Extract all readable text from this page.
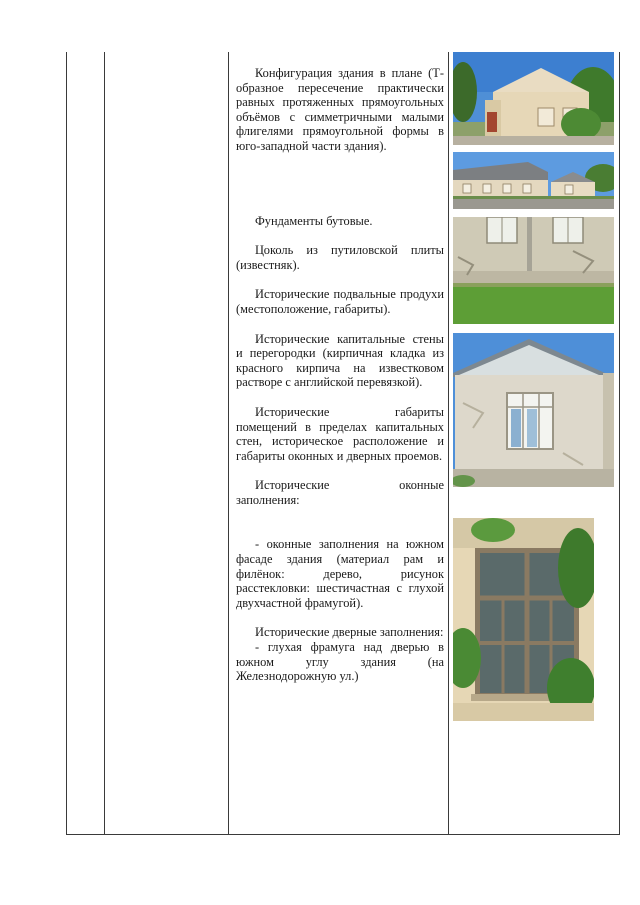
Конфигурация здания в плане (Т-образное пересечение практически равных протяженных прямоугольных объёмов с симметричными малыми флигелями прямоугольной формы в юго-западной части здания).

Фундаменты бутовые.

Цоколь из путиловской плиты (известняк).

Исторические подвальные продухи (местоположение, габариты).

Исторические капитальные стены и перегородки (кирпичная кладка из красного кирпича на известковом растворе с английской перевязкой).

Исторические габариты помещений в пределах капитальных стен, историческое расположение и габариты оконных и дверных проемов.

Исторические оконные заполнения:

- оконные заполнения на южном фасаде здания (материал рам и филёнок: дерево, рисунок расстекловки: шестичастная с глухой двухчастной фрамугой).

Исторические дверные заполнения:

- глухая фрамуга над дверью в южном углу здания (на Железнодорожную ул.)
